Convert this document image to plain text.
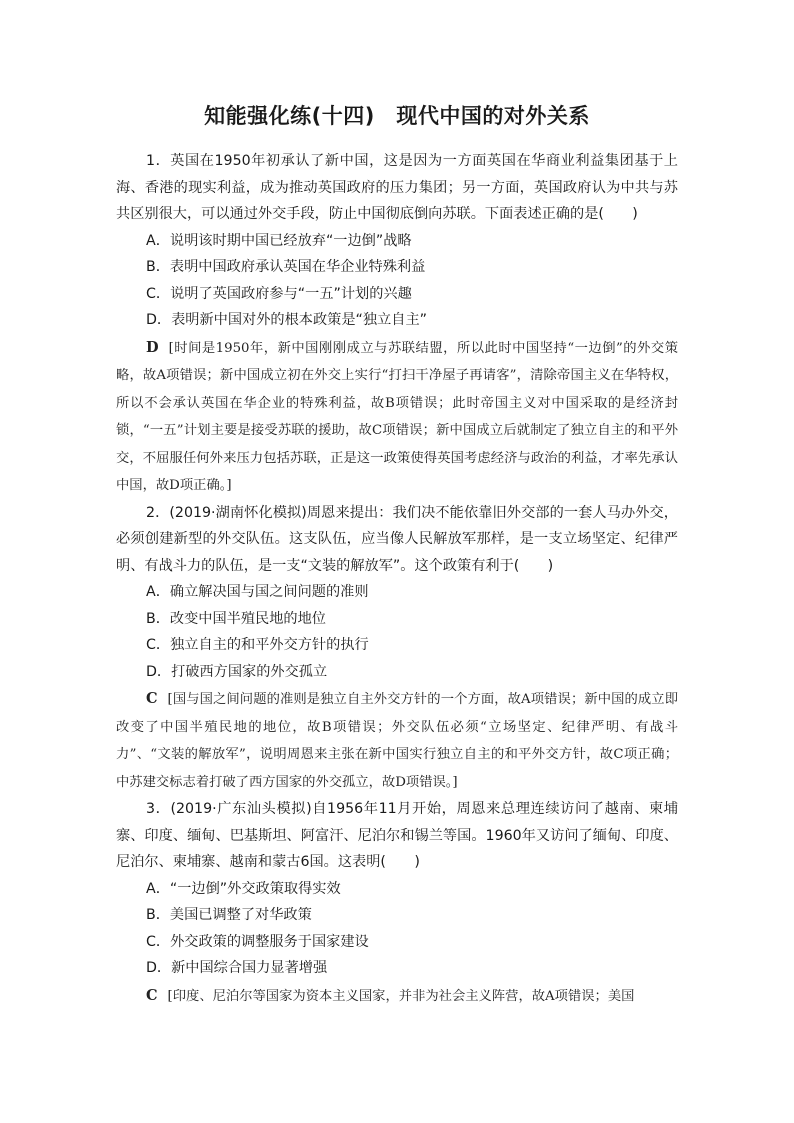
知能强化练(十四)　现代中国的对外关系

1．英国在1950年初承认了新中国，这是因为一方面英国在华商业利益集团基于上海、香港的现实利益，成为推动英国政府的压力集团；另一方面，英国政府认为中共与苏共区别很大，可以通过外交手段，防止中国彻底倒向苏联。下面表述正确的是(　　)

A．说明该时期中国已经放弃“一边倒”战略

B．表明中国政府承认英国在华企业特殊利益

C．说明了英国政府参与“一五”计划的兴趣

D．表明新中国对外的根本政策是“独立自主”

D [时间是1950年，新中国刚刚成立与苏联结盟，所以此时中国坚持“一边倒”的外交策略，故A项错误；新中国成立初在外交上实行“打扫干净屋子再请客”，清除帝国主义在华特权，所以不会承认英国在华企业的特殊利益，故B项错误；此时帝国主义对中国采取的是经济封锁，“一五”计划主要是接受苏联的援助，故C项错误；新中国成立后就制定了独立自主的和平外交，不屈服任何外来压力包括苏联，正是这一政策使得英国考虑经济与政治的利益，才率先承认中国，故D项正确。]

2．(2019·湖南怀化模拟)周恩来提出：我们决不能依靠旧外交部的一套人马办外交，必须创建新型的外交队伍。这支队伍，应当像人民解放军那样，是一支立场坚定、纪律严明、有战斗力的队伍，是一支“文装的解放军”。这个政策有利于(　　)

A．确立解决国与国之间问题的准则

B．改变中国半殖民地的地位

C．独立自主的和平外交方针的执行

D．打破西方国家的外交孤立

C [国与国之间问题的准则是独立自主外交方针的一个方面，故A项错误；新中国的成立即改变了中国半殖民地的地位，故B项错误；外交队伍必须“立场坚定、纪律严明、有战斗力”、“文装的解放军”，说明周恩来主张在新中国实行独立自主的和平外交方针，故C项正确；中苏建交标志着打破了西方国家的外交孤立，故D项错误。]

3．(2019·广东汕头模拟)自1956年11月开始，周恩来总理连续访问了越南、柬埔寨、印度、缅甸、巴基斯坦、阿富汗、尼泊尔和锡兰等国。1960年又访问了缅甸、印度、尼泊尔、柬埔寨、越南和蒙古6国。这表明(　　)

A．“一边倒”外交政策取得实效

B．美国已调整了对华政策

C．外交政策的调整服务于国家建设

D．新中国综合国力显著增强

C [印度、尼泊尔等国家为资本主义国家，并非为社会主义阵营，故A项错误；美国
